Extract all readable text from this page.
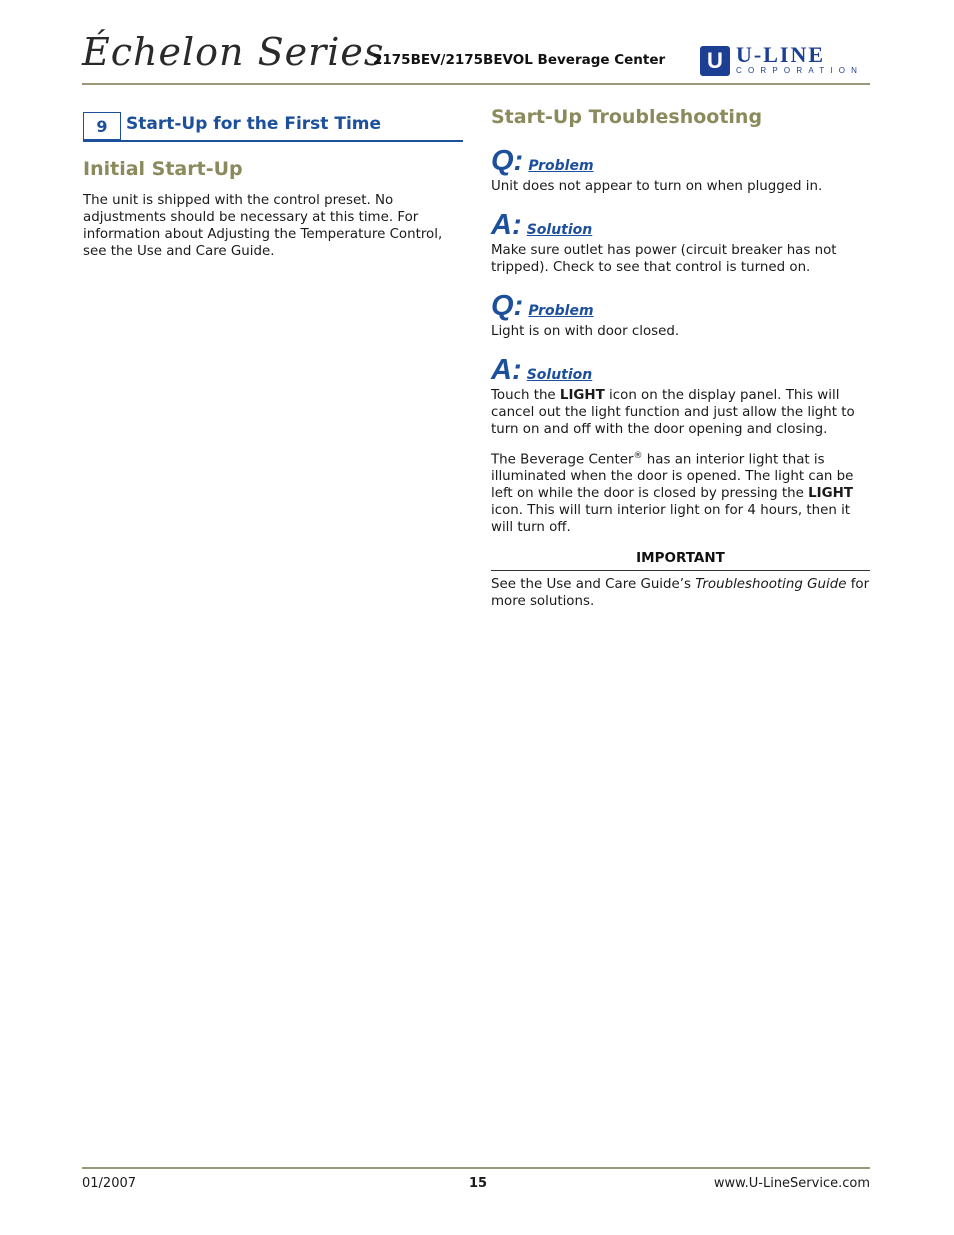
Échelon Series
2175BEV/2175BEVOL Beverage Center	U U-LINE
CORPORATION
9	Start-Up for the First Time
Initial Start-Up
The unit is shipped with the control preset. No adjustments should be necessary at this time. For information about Adjusting the Temperature Control, see the Use and Care Guide.
Start-Up Troubleshooting
Q: Problem
Unit does not appear to turn on when plugged in.
A: Solution
Make sure outlet has power (circuit breaker has not tripped). Check to see that control is turned on.
Q: Problem
Light is on with door closed.
A: Solution
Touch the LIGHT icon on the display panel. This will cancel out the light function and just allow the light to turn on and off with the door opening and closing.
The Beverage Center® has an interior light that is illuminated when the door is opened. The light can be left on while the door is closed by pressing the LIGHT icon. This will turn interior light on for 4 hours, then it will turn off.
IMPORTANT
See the Use and Care Guide’s Troubleshooting Guide for more solutions.
01/2007	15	www.U-LineService.com
